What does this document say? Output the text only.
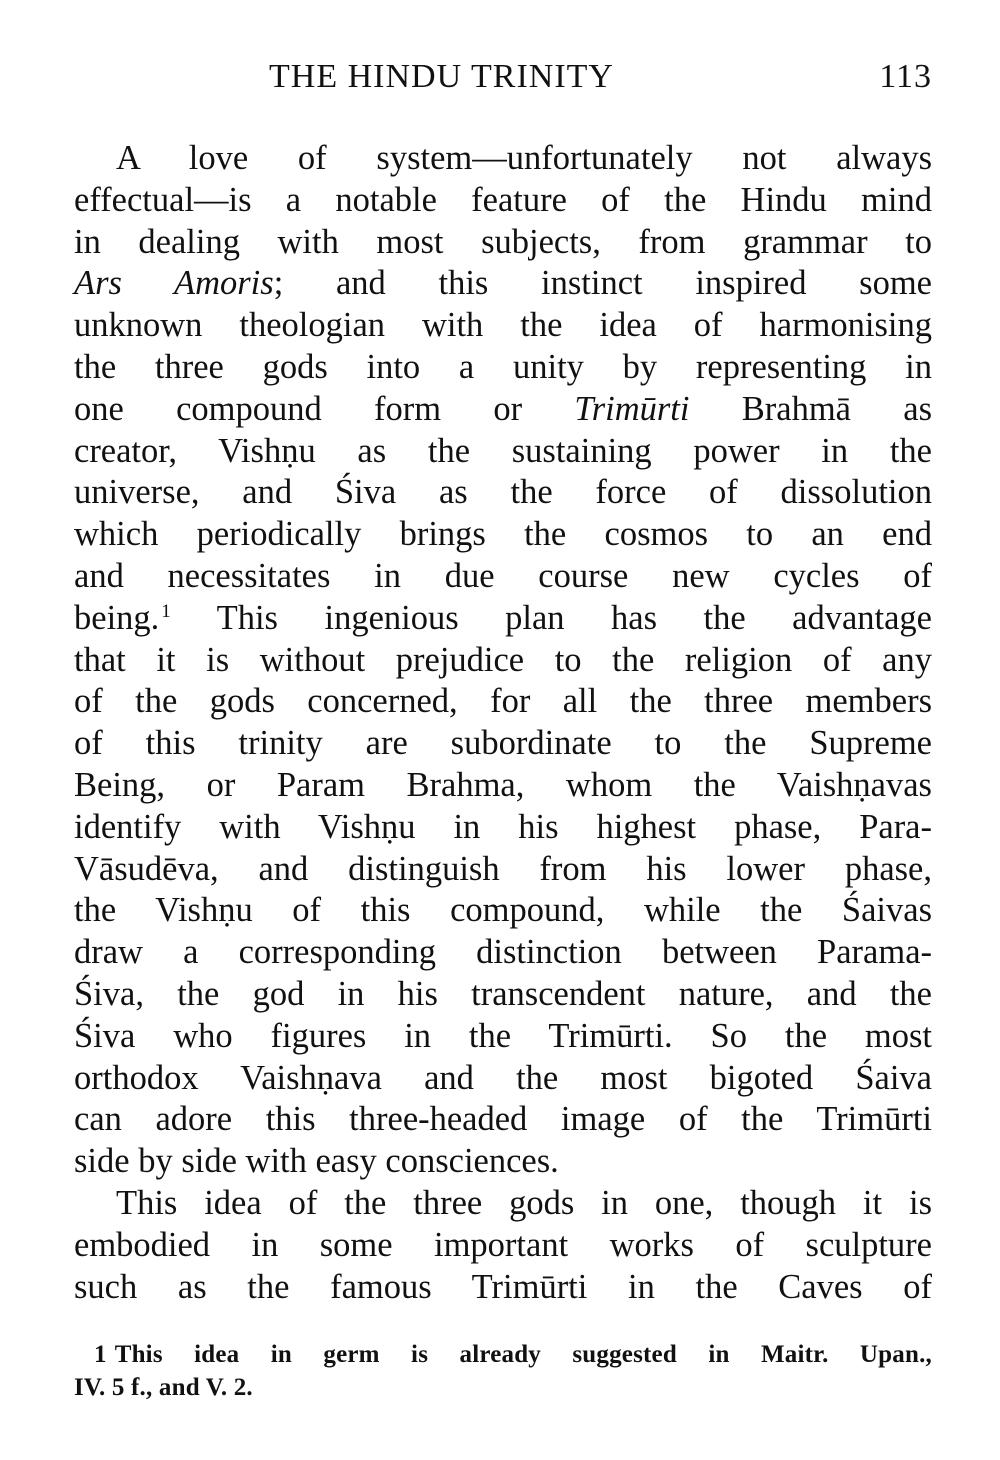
THE HINDU TRINITY	113
A love of system—unfortunately not always
effectual—is a notable feature of the Hindu mind
in dealing with most subjects, from grammar to
Ars Amoris; and this instinct inspired some
unknown theologian with the idea of harmonising
the three gods into a unity by representing in
one compound form or Trimūrti Brahmā as
creator, Vishṇu as the sustaining power in the
universe, and Śiva as the force of dissolution
which periodically brings the cosmos to an end
and necessitates in due course new cycles of
being. $^1$ This ingenious plan has the advantage
that it is without prejudice to the religion of any
of the gods concerned, for all the three members
of this trinity are subordinate to the Supreme
Being, or Param Brahma, whom the Vaishṇavas
identify with Vishṇu in his highest phase, Para-
Vāsudēva, and distinguish from his lower phase,
the Vishṇu of this compound, while the Śaivas
draw a corresponding distinction between Parama-
Śiva, the god in his transcendent nature, and the
Śiva who figures in the Trimūrti. So the most
orthodox Vaishṇava and the most bigoted Śaiva
can adore this three-headed image of the Trimūrti
side by side with easy consciences.
This idea of the three gods in one, though it is
embodied in some important works of sculpture
such as the famous Trimūrti in the Caves of
1 This idea in germ is already suggested in Maitr. Upan.,
IV. 5 f., and V. 2.
